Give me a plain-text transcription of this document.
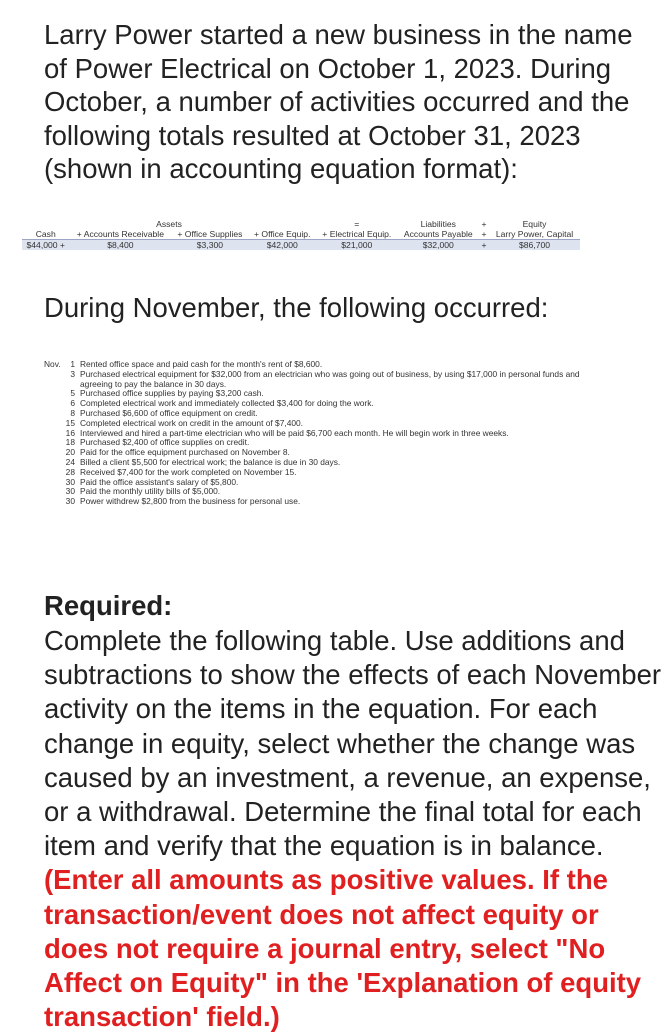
Larry Power started a new business in the name
of Power Electrical on October 1, 2023. During
October, a number of activities occurred and the
following totals resulted at October 31, 2023
(shown in accounting equation format):
Assets				=	Liabilities	+	Equity
Cash	+ Accounts Receivable	+ Office Supplies	+ Office Equip.	+ Electrical Equip.	Accounts Payable	+	Larry Power, Capital
$44,000 +	$8,400	$3,300	$42,000	$21,000	$32,000	+	$86,700
During November, the following occurred:
Nov.	1 Rented office space and paid cash for the month's rent of $8,600.
3 Purchased electrical equipment for $32,000 from an electrician who was going out of business, by using $17,000 in personal funds and agreeing to pay the balance in 30 days.
5 Purchased office supplies by paying $3,200 cash.
6 Completed electrical work and immediately collected $3,400 for doing the work.
8 Purchased $6,600 of office equipment on credit.
15 Completed electrical work on credit in the amount of $7,400.
16 Interviewed and hired a part-time electrician who will be paid $6,700 each month. He will begin work in three weeks.
18 Purchased $2,400 of office supplies on credit.
20 Paid for the office equipment purchased on November 8.
24 Billed a client $5,500 for electrical work; the balance is due in 30 days.
28 Received $7,400 for the work completed on November 15.
30 Paid the office assistant's salary of $5,800.
30 Paid the monthly utility bills of $5,000.
30 Power withdrew $2,800 from the business for personal use.
Required:
Complete the following table. Use additions and subtractions to show the effects of each November activity on the items in the equation. For each change in equity, select whether the change was caused by an investment, a revenue, an expense, or a withdrawal. Determine the final total for each item and verify that the equation is in balance. (Enter all amounts as positive values. If the transaction/event does not affect equity or does not require a journal entry, select "No Affect on Equity" in the 'Explanation of equity transaction' field.)
